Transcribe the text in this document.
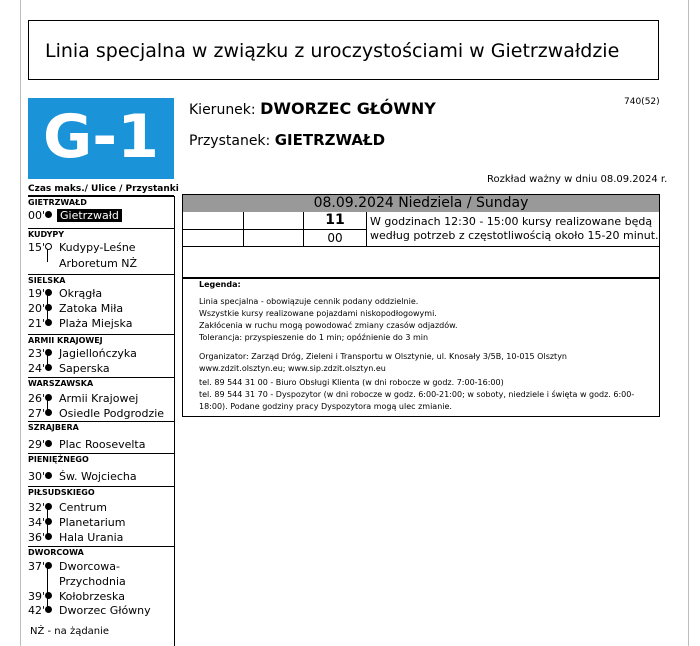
Linia specjalna w związku z uroczystościami w Gietrzwałdzie
G-1	Kierunek: DWORZEC GŁÓWNY
Przystanek: GIETRZWAŁD
740(52)
Rozkład ważny w dniu 08.09.2024 r.
Czas maks./ Ulice / Przystanki
GIETRZWAŁD
00' Gietrzwałd
KUDYPY
15' Kudypy-Leśne
Arboretum NŻ
SIELSKA
19' Okrągła
20' Zatoka Miła
21' Plaża Miejska
ARMII KRAJOWEJ
23' Jagiellończyka
24' Saperska
WARSZAWSKA
26' Armii Krajowej
27' Osiedle Podgrodzie
SZRAJBERA
29' Plac Roosevelta
PIENIĘŻNEGO
30' Św. Wojciecha
PIŁSUDSKIEGO
32' Centrum
34' Planetarium
36' Hala Urania
DWORCOWA
37' Dworcowa-
Przychodnia
39' Kołobrzeska
42' Dworzec Główny
NŻ - na żądanie
08.09.2024 Niedziela / Sunday
11
00
W godzinach 12:30 - 15:00 kursy realizowane będą według potrzeb z częstotliwością około 15-20 minut.
Legenda:
Linia specjalna - obowiązuje cennik podany oddzielnie.
Wszystkie kursy realizowane pojazdami niskopodłogowymi.
Zakłócenia w ruchu mogą powodować zmiany czasów odjazdów.
Tolerancja: przyspieszenie do 1 min; opóźnienie do 3 min
Organizator: Zarząd Dróg, Zieleni i Transportu w Olsztynie, ul. Knosały 3/5B, 10-015 Olsztyn
www.zdzit.olsztyn.eu; www.sip.zdzit.olsztyn.eu
tel. 89 544 31 00 - Biuro Obsługi Klienta (w dni robocze w godz. 7:00-16:00)
tel. 89 544 31 70 - Dyspozytor (w dni robocze w godz. 6:00-21:00; w soboty, niedziele i święta w godz. 6:00-18:00). Podane godziny pracy Dyspozytora mogą ulec zmianie.
